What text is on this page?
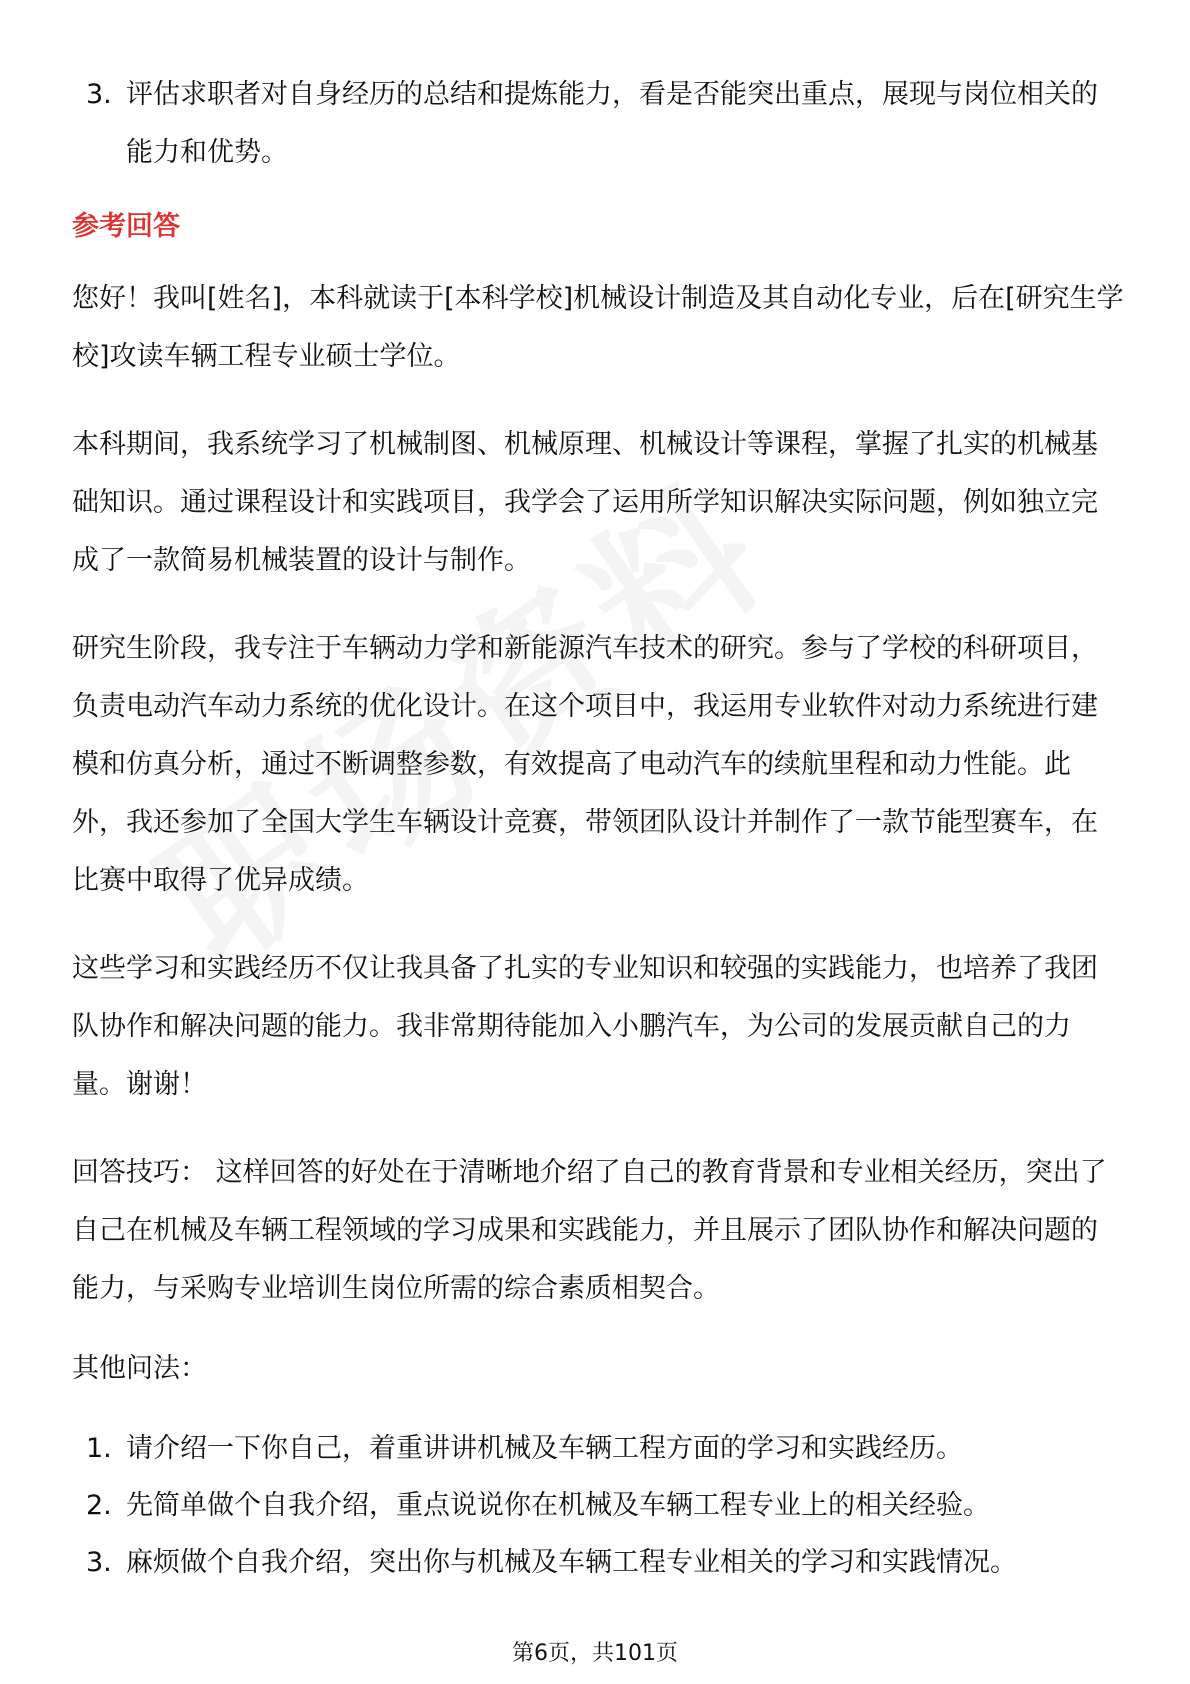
3. 评估求职者对自身经历的总结和提炼能力，看是否能突出重点，展现与岗位相关的能力和优势。
参考回答

您好！我叫[姓名]，本科就读于[本科学校]机械设计制造及其自动化专业，后在[研究生学校]攻读车辆工程专业硕士学位。

本科期间，我系统学习了机械制图、机械原理、机械设计等课程，掌握了扎实的机械基础知识。通过课程设计和实践项目，我学会了运用所学知识解决实际问题，例如独立完成了一款简易机械装置的设计与制作。

研究生阶段，我专注于车辆动力学和新能源汽车技术的研究。参与了学校的科研项目，负责电动汽车动力系统的优化设计。在这个项目中，我运用专业软件对动力系统进行建模和仿真分析，通过不断调整参数，有效提高了电动汽车的续航里程和动力性能。此外，我还参加了全国大学生车辆设计竞赛，带领团队设计并制作了一款节能型赛车，在比赛中取得了优异成绩。

这些学习和实践经历不仅让我具备了扎实的专业知识和较强的实践能力，也培养了我团队协作和解决问题的能力。我非常期待能加入小鹏汽车，为公司的发展贡献自己的力量。谢谢！

回答技巧： 这样回答的好处在于清晰地介绍了自己的教育背景和专业相关经历，突出了自己在机械及车辆工程领域的学习成果和实践能力，并且展示了团队协作和解决问题的能力，与采购专业培训生岗位所需的综合素质相契合。

其他问法：

1. 请介绍一下你自己，着重讲讲机械及车辆工程方面的学习和实践经历。
2. 先简单做个自我介绍，重点说说你在机械及车辆工程专业上的相关经验。
3. 麻烦做个自我介绍，突出你与机械及车辆工程专业相关的学习和实践情况。
第6页，共101页
